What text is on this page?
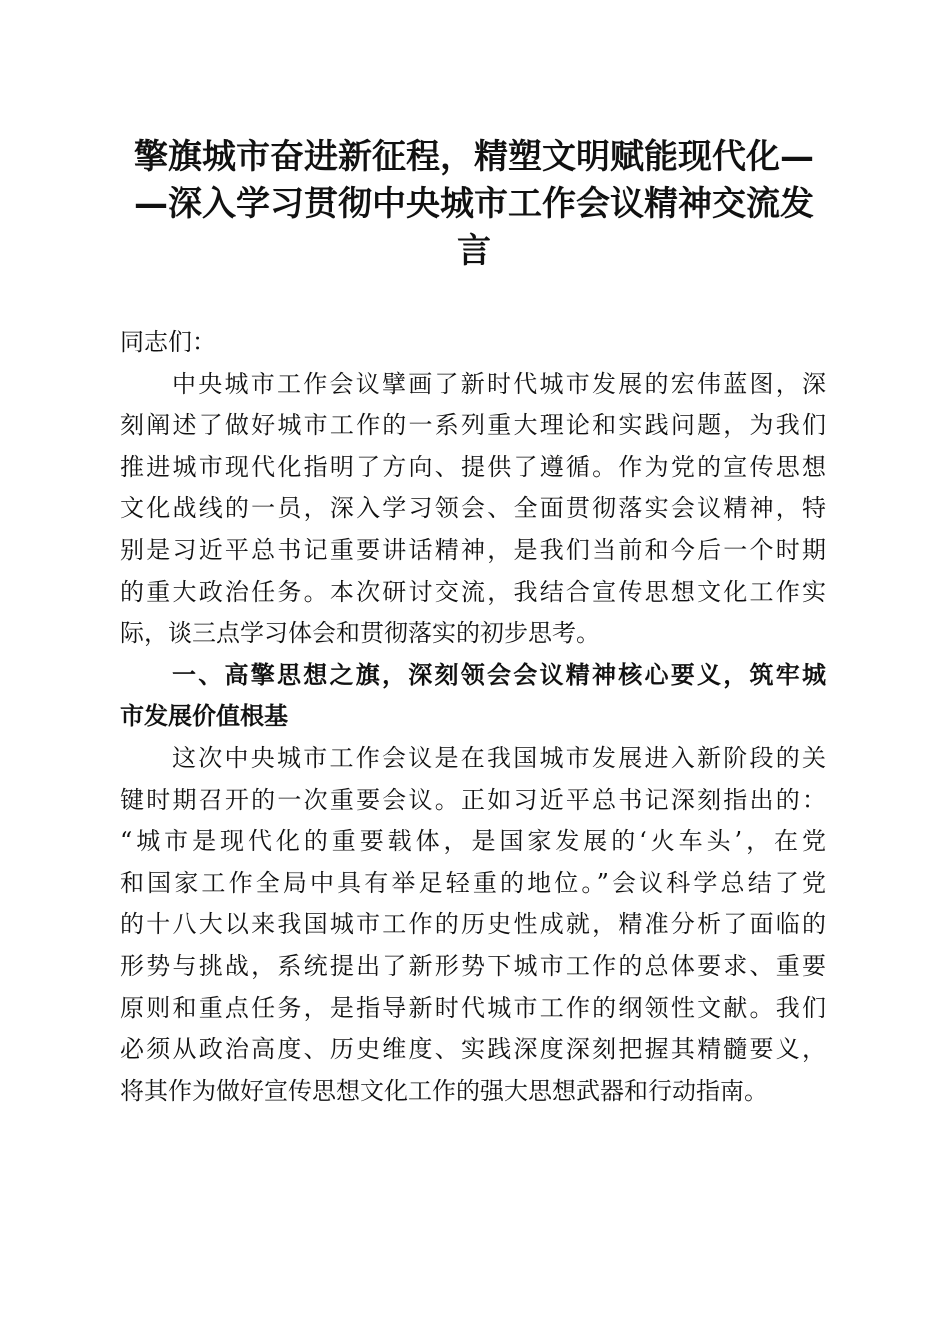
擎旗城市奋进新征程，精塑文明赋能现代化—
—深入学习贯彻中央城市工作会议精神交流发
言
同志们：
中央城市工作会议擘画了新时代城市发展的宏伟蓝图，深
刻阐述了做好城市工作的一系列重大理论和实践问题，为我们
推进城市现代化指明了方向、提供了遵循。作为党的宣传思想
文化战线的一员，深入学习领会、全面贯彻落实会议精神，特
别是习近平总书记重要讲话精神，是我们当前和今后一个时期
的重大政治任务。本次研讨交流，我结合宣传思想文化工作实
际，谈三点学习体会和贯彻落实的初步思考。
一、高擎思想之旗，深刻领会会议精神核心要义，筑牢城
市发展价值根基
这次中央城市工作会议是在我国城市发展进入新阶段的关
键时期召开的一次重要会议。正如习近平总书记深刻指出的：
“城市是现代化的重要载体，是国家发展的‘火车头’，在党
和国家工作全局中具有举足轻重的地位。”会议科学总结了党
的十八大以来我国城市工作的历史性成就，精准分析了面临的
形势与挑战，系统提出了新形势下城市工作的总体要求、重要
原则和重点任务，是指导新时代城市工作的纲领性文献。我们
必须从政治高度、历史维度、实践深度深刻把握其精髓要义，
将其作为做好宣传思想文化工作的强大思想武器和行动指南。
